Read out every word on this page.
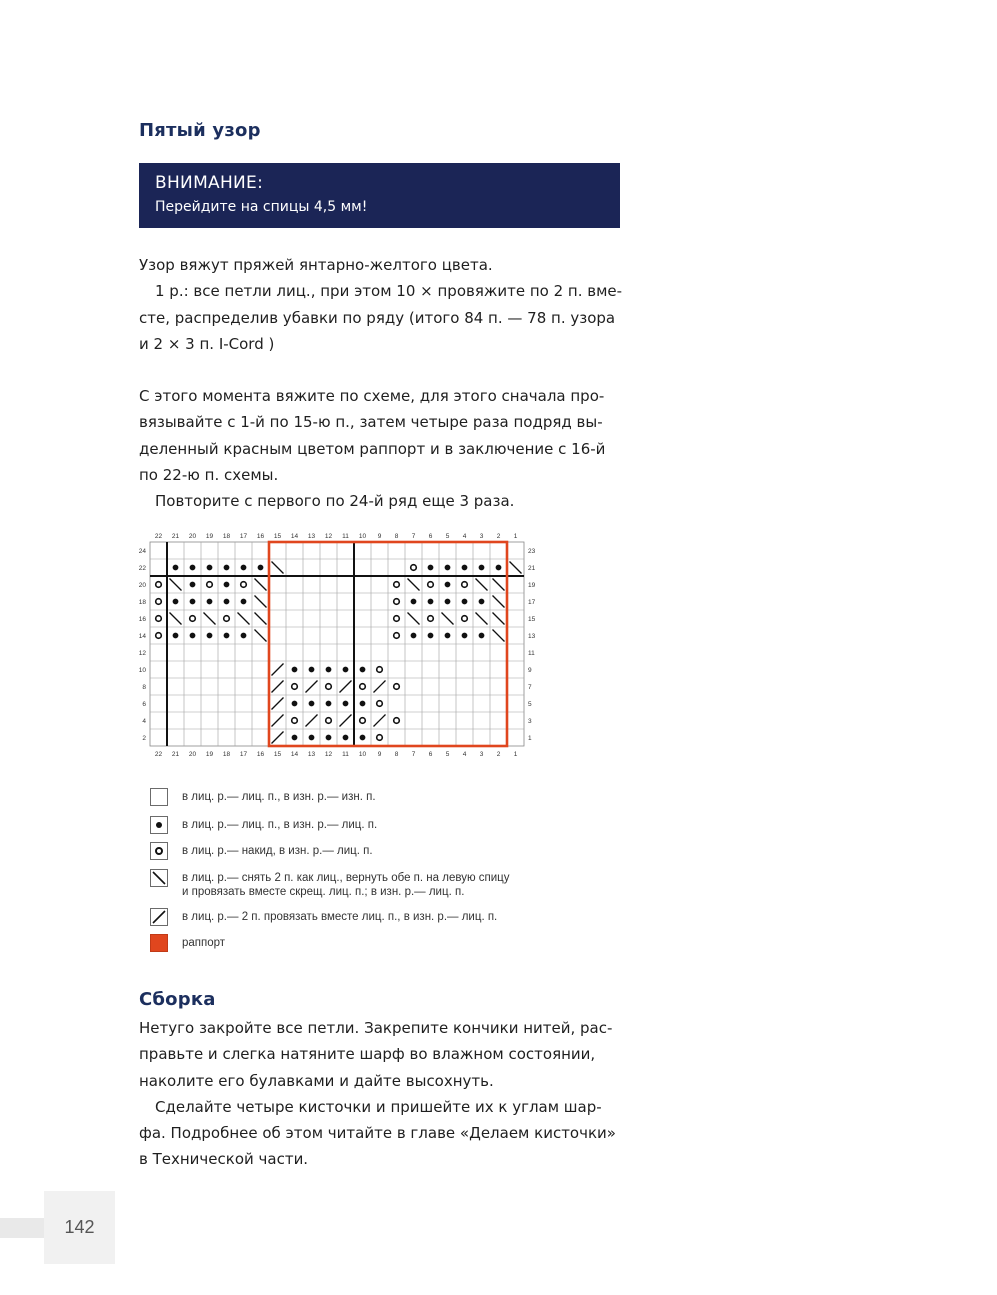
Пятый узор
ВНИМАНИЕ:
Перейдите на спицы 4,5 мм!

Узор вяжут пряжей янтарно-желтого цвета.
1 р.: все петли лиц., при этом 10 × провяжите по 2 п. вме-
сте, распределив убавки по ряду (итого 84 п. — 78 п. узора
и 2 × 3 п. I-Cord )

С этого момента вяжите по схеме, для этого сначала про-
вязывайте с 1-й по 15-ю п., затем четыре раза подряд вы-
деленный красным цветом раппорт и в заключение с 16-й
по 22-ю п. схемы.
Повторите с первого по 24-й ряд еще 3 раза.

22 21 20 19 18 17 16 15 14 13 12 11 10 9 8 7 6 5 4 3 2 1
22 21 20 19 18 17 16 15 14 13 12 11 10 9 8 7 6 5 4 3 2 1
24
22
20
18
16
14
12
10
8
6
4
2
23
21
19
17
15
13
11
9
7
5
3
1
в лиц. р.— лиц. п., в изн. р.— изн. п.
в лиц. р.— лиц. п., в изн. р.— лиц. п.
в лиц. р.— накид, в изн. р.— лиц. п.
в лиц. р.— снять 2 п. как лиц., вернуть обе п. на левую спицу
и провязать вместе скрещ. лиц. п.; в изн. р.— лиц. п.
в лиц. р.— 2 п. провязать вместе лиц. п., в изн. р.— лиц. п.
раппорт
Сборка

Нетуго закройте все петли. Закрепите кончики нитей, рас-
правьте и слегка натяните шарф во влажном состоянии,
наколите его булавками и дайте высохнуть.
Сделайте четыре кисточки и пришейте их к углам шар-
фа. Подробнее об этом читайте в главе «Делаем кисточки»
в Технической части.

142
